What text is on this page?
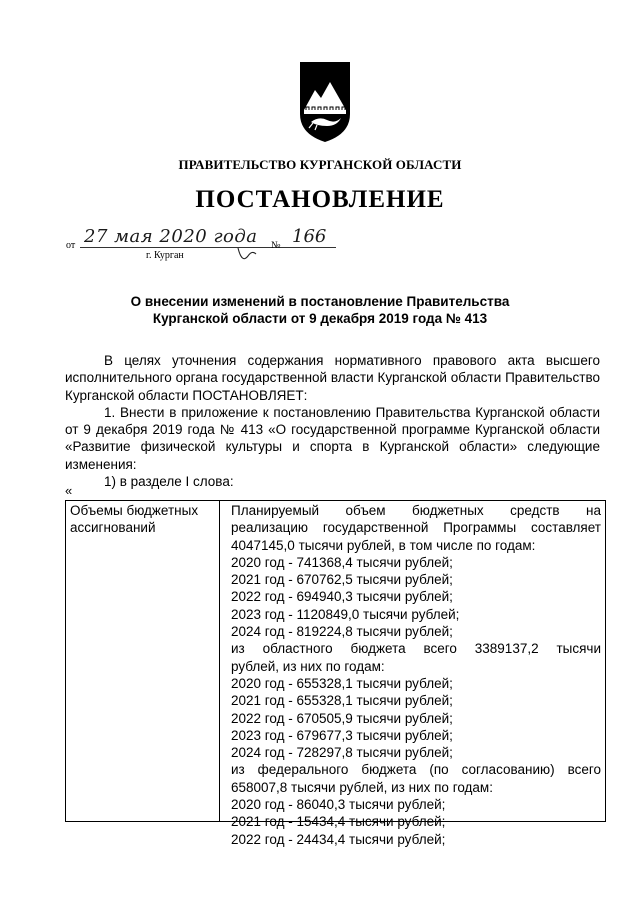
ПРАВИТЕЛЬСТВО КУРГАНСКОЙ ОБЛАСТИ
ПОСТАНОВЛЕНИЕ
от 27 мая 2020 года № 166
г. Курган
О внесении изменений в постановление Правительства
Курганской области от 9 декабря 2019 года № 413

В целях уточнения содержания нормативного правового акта высшего исполнительного органа государственной власти Курганской области Правительство Курганской области ПОСТАНОВЛЯЕТ:

1. Внести в приложение к постановлению Правительства Курганской области от 9 декабря 2019 года № 413 «О государственной программе Курганской области «Развитие физической культуры и спорта в Курганской области» следующие изменения:

1) в разделе I слова:

«
Объемы бюджетных ассигнований
Планируемый объем бюджетных средств на
реализацию государственной Программы составляет
4047145,0 тысячи рублей, в том числе по годам:
2020 год - 741368,4 тысячи рублей;
2021 год - 670762,5 тысячи рублей;
2022 год - 694940,3 тысячи рублей;
2023 год - 1120849,0 тысячи рублей;
2024 год - 819224,8 тысячи рублей;
из областного бюджета всего 3389137,2 тысячи
рублей, из них по годам:
2020 год - 655328,1 тысячи рублей;
2021 год - 655328,1 тысячи рублей;
2022 год - 670505,9 тысячи рублей;
2023 год - 679677,3 тысячи рублей;
2024 год - 728297,8 тысячи рублей;
из федерального бюджета (по согласованию) всего
658007,8 тысячи рублей, из них по годам:
2020 год - 86040,3 тысячи рублей;
2021 год - 15434,4 тысячи рублей;
2022 год - 24434,4 тысячи рублей;
